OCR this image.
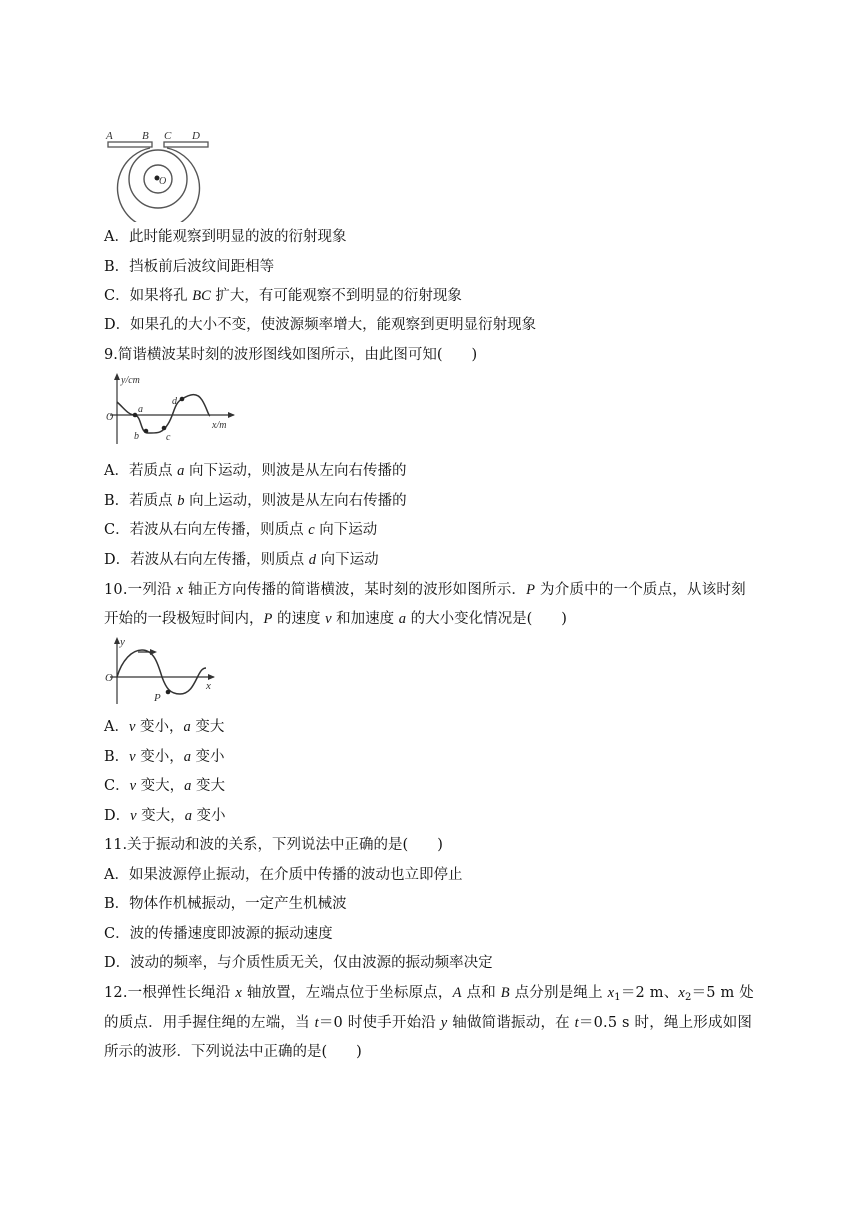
A	B C D
O
A．此时能观察到明显的波的衍射现象
B．挡板前后波纹间距相等
C．如果将孔 BC 扩大，有可能观察不到明显的衍射现象
D．如果孔的大小不变，使波源频率增大，能观察到更明显衍射现象
9.简谐横波某时刻的波形图线如图所示，由此图可知(　　)
y/cm
x/m
O
a
b	c
d
A．若质点 a 向下运动，则波是从左向右传播的
B．若质点 b 向上运动，则波是从左向右传播的
C．若波从右向左传播，则质点 c 向下运动
D．若波从右向左传播，则质点 d 向下运动
10.一列沿 x 轴正方向传播的简谐横波，某时刻的波形如图所示．P 为介质中的一个质点，从该时刻
开始的一段极短时间内，P 的速度 v 和加速度 a 的大小变化情况是(　　)
y
x
O
P
A．v 变小，a 变大
B．v 变小，a 变小
C．v 变大，a 变大
D．v 变大，a 变小
11.关于振动和波的关系，下列说法中正确的是(　　)
A．如果波源停止振动，在介质中传播的波动也立即停止
B．物体作机械振动，一定产生机械波
C．波的传播速度即波源的振动速度
D．波动的频率，与介质性质无关，仅由波源的振动频率决定
12.一根弹性长绳沿 x 轴放置，左端点位于坐标原点，A 点和 B 点分别是绳上 $x_1=2$ m、$x_2=5$ m 处
的质点．用手握住绳的左端，当 t＝0 时使手开始沿 y 轴做简谐振动，在 t＝0.5 s 时，绳上形成如图
所示的波形．下列说法中正确的是(　　)
